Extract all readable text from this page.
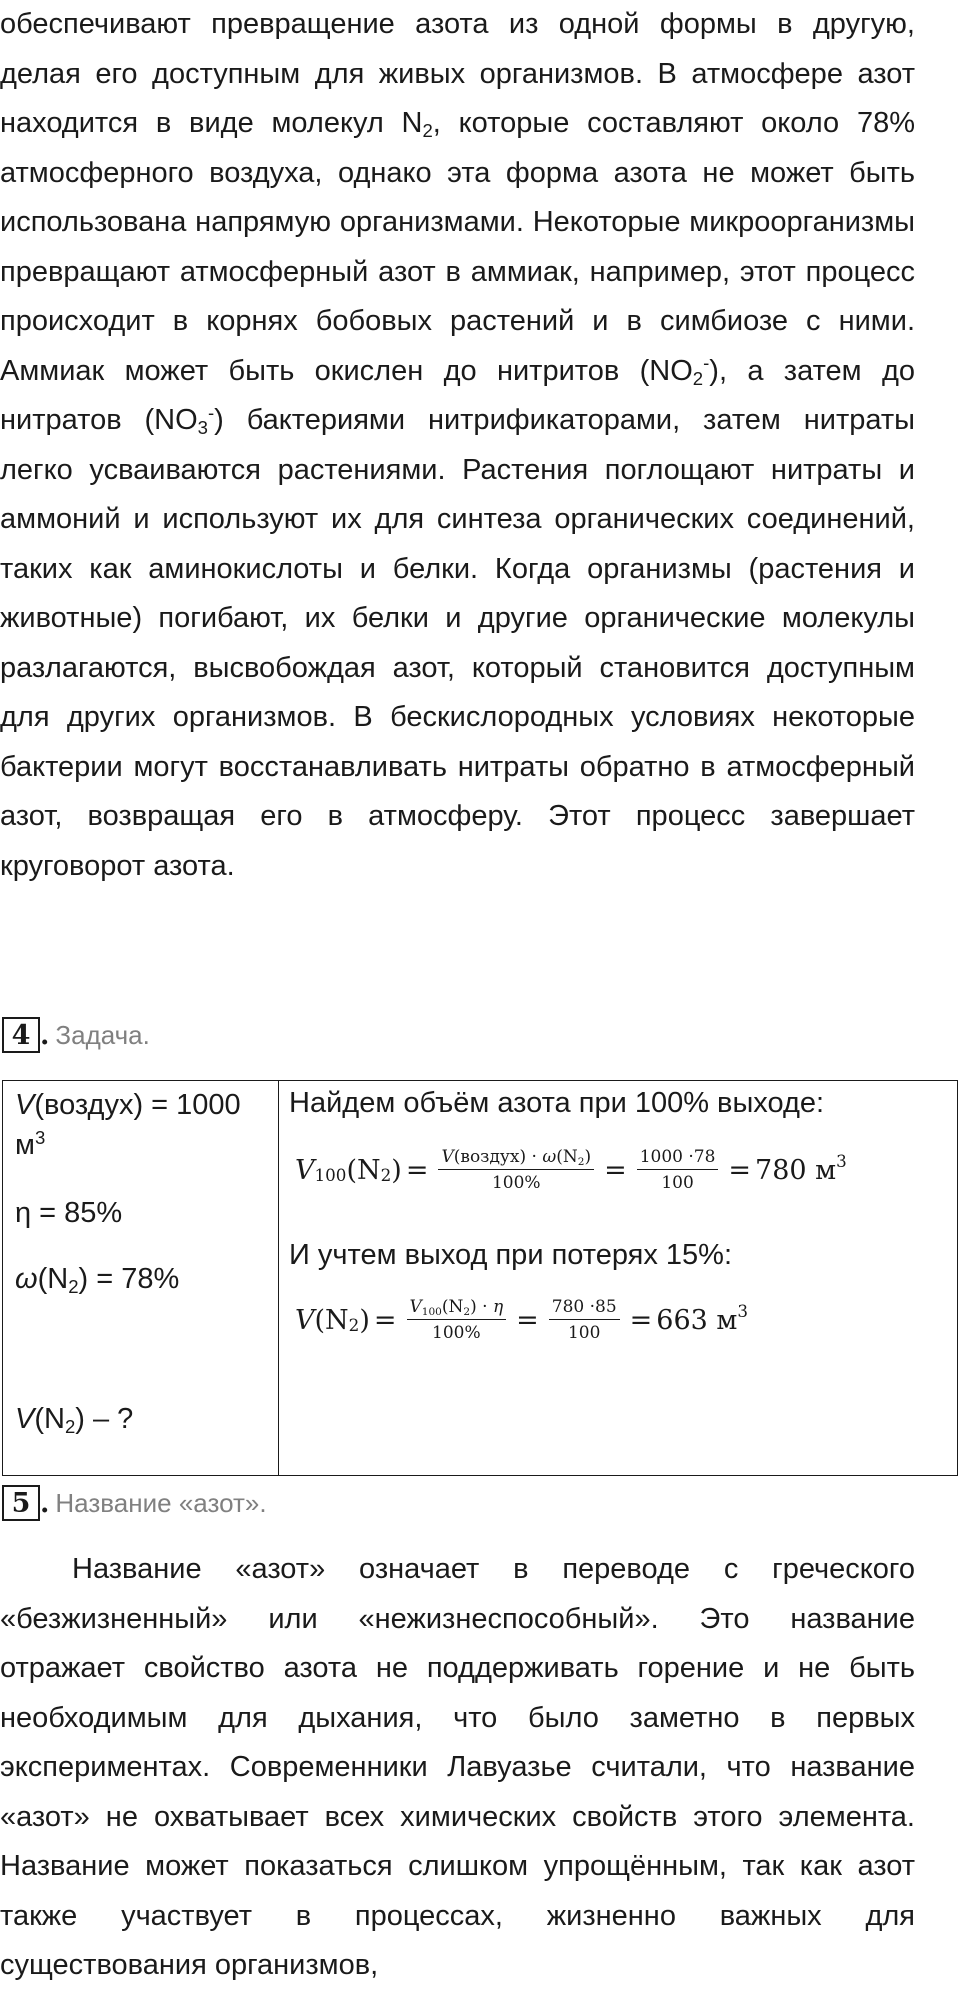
обеспечивают превращение азота из одной формы в другую, делая его доступным для живых организмов. В атмосфере азот находится в виде молекул $N_2$, которые составляют около 78% атмосферного воздуха, однако эта форма азота не может быть использована напрямую организмами. Некоторые микроорганизмы превращают атмосферный азот в аммиак, например, этот процесс происходит в корнях бобовых растений и в симбиозе с ними. Аммиак может быть окислен до нитритов $(NO_2^-)$, а затем до нитратов $(NO_3^-)$ бактериями нитрификаторами, затем нитраты легко усваиваются растениями. Растения поглощают нитраты и аммоний и используют их для синтеза органических соединений, таких как аминокислоты и белки. Когда организмы (растения и животные) погибают, их белки и другие органические молекулы разлагаются, высвобождая азот, который становится доступным для других организмов. В бескислородных условиях некоторые бактерии могут восстанавливать нитраты обратно в атмосферный азот, возвращая его в атмосферу. Этот процесс завершает круговорот азота.

4 . Задача.
V(воздух) = 1000
$м^3$
η = 85%
$\omega(N_2) = 78\%$
$V(N_2)$ – ?
Найдем объём азота при 100% выходе:
V 100 (N 2 ) = $\frac{\text{V(воздух) · ω(N2)}}{100\%} = \frac{1000 \cdot 78}{100} = 780$ м 3
И учтем выход при потерях 15%:
V (N 2 ) = $\frac{V100(N2) \cdot \eta}{100\%} = \frac{780 \cdot 85}{100} = 663$ м 3
5 . Название «азот».

Название «азот» означает в переводе с греческого «безжизненный» или «нежизнеспособный». Это название отражает свойство азота не поддерживать горение и не быть необходимым для дыхания, что было заметно в первых экспериментах. Современники Лавуазье считали, что название «азот» не охватывает всех химических свойств этого элемента. Название может показаться слишком упрощённым, так как азот также участвует в процессах, жизненно важных для существования организмов,
